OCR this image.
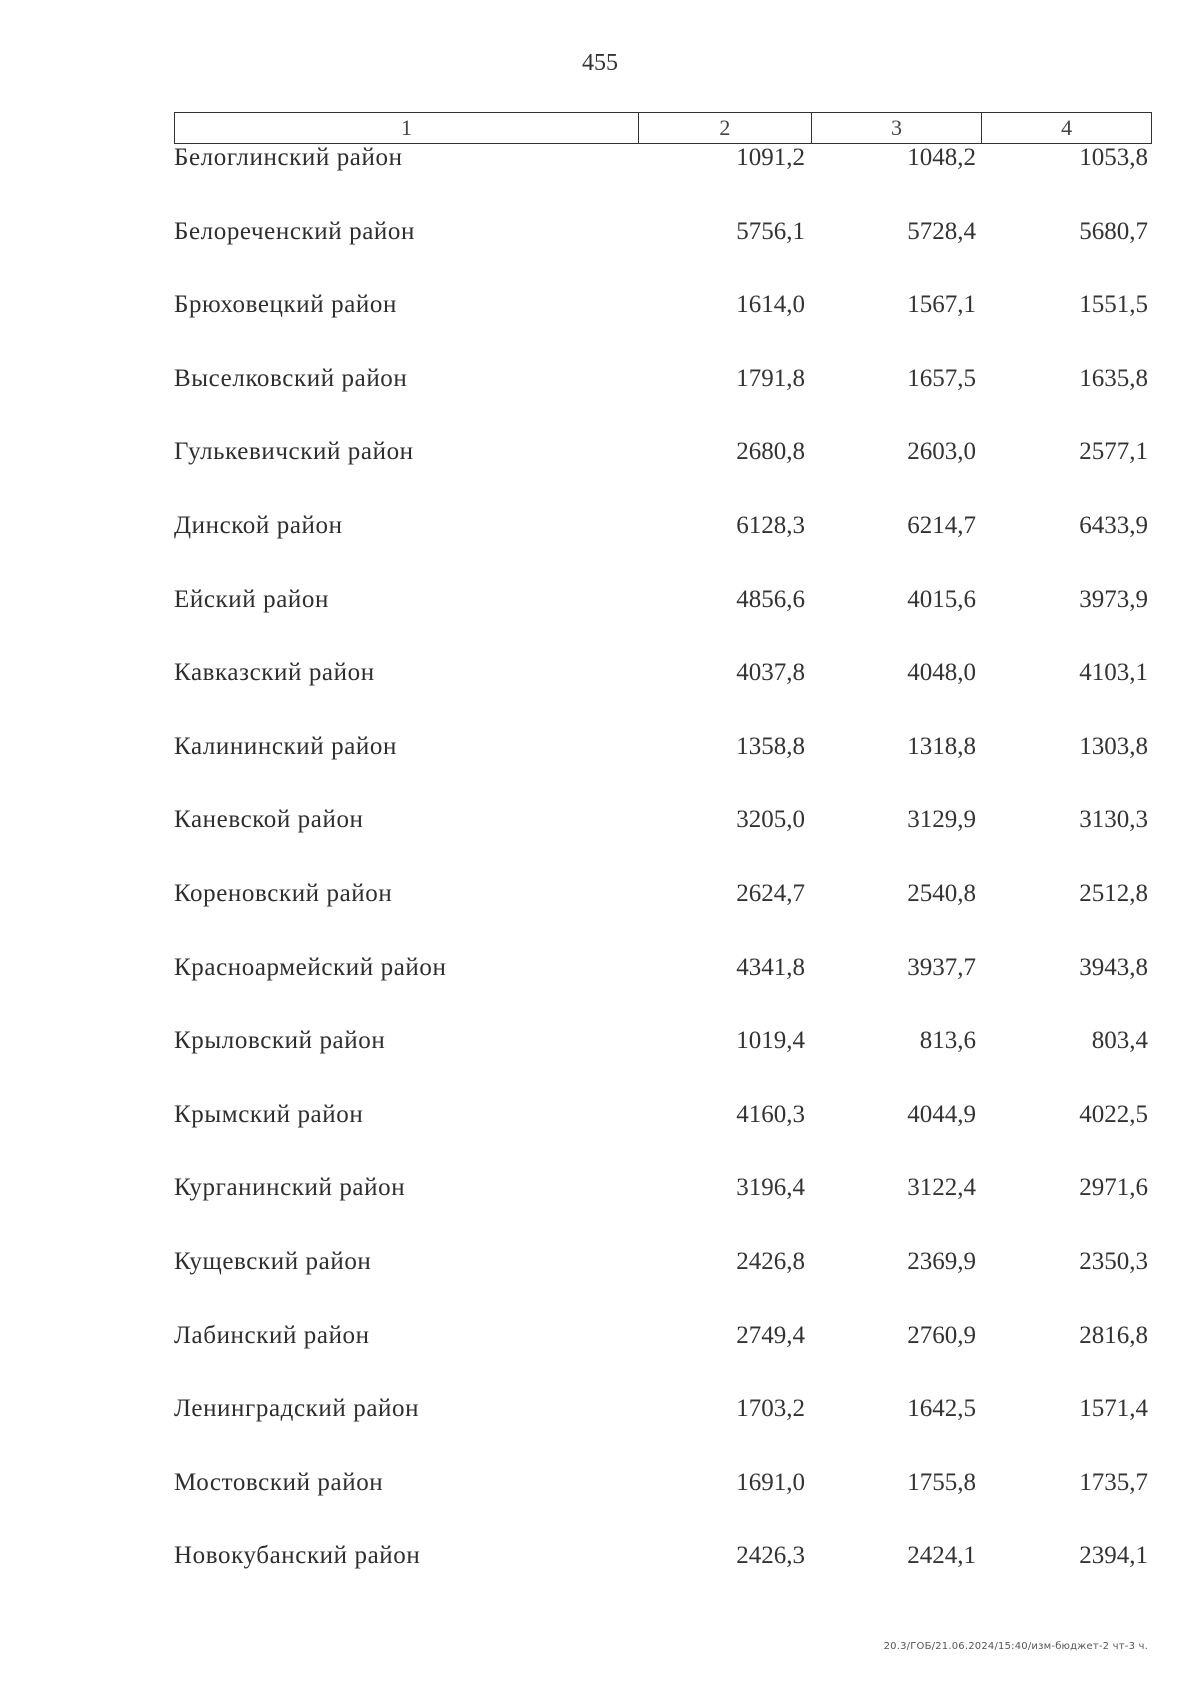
455
1	2	3	4
Белоглинский район	1091,2	1048,2	1053,8
Белореченский район	5756,1	5728,4	5680,7
Брюховецкий район	1614,0	1567,1	1551,5
Выселковский район	1791,8	1657,5	1635,8
Гулькевичский район	2680,8	2603,0	2577,1
Динской район	6128,3	6214,7	6433,9
Ейский район	4856,6	4015,6	3973,9
Кавказский район	4037,8	4048,0	4103,1
Калининский район	1358,8	1318,8	1303,8
Каневской район	3205,0	3129,9	3130,3
Кореновский район	2624,7	2540,8	2512,8
Красноармейский район	4341,8	3937,7	3943,8
Крыловский район	1019,4	813,6	803,4
Крымский район	4160,3	4044,9	4022,5
Курганинский район	3196,4	3122,4	2971,6
Кущевский район	2426,8	2369,9	2350,3
Лабинский район	2749,4	2760,9	2816,8
Ленинградский район	1703,2	1642,5	1571,4
Мостовский район	1691,0	1755,8	1735,7
Новокубанский район	2426,3	2424,1	2394,1
20.3/ГОБ/21.06.2024/15:40/изм-бюджет-2 чт-3 ч.
